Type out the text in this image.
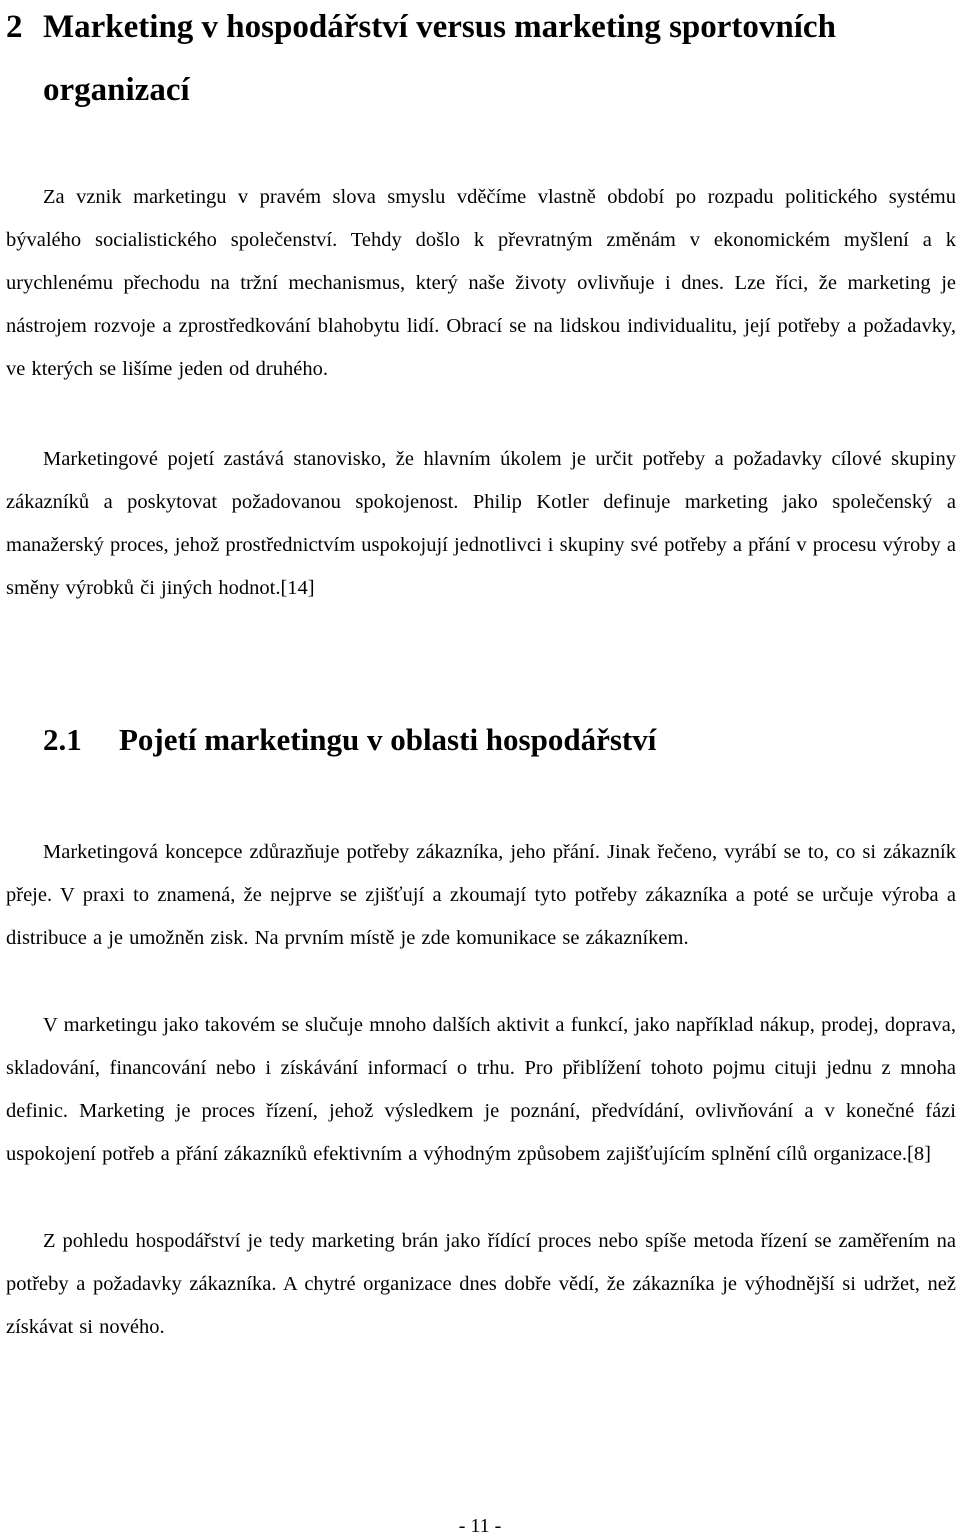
2 Marketing v hospodářství versus marketing sportovních
organizací

Za vznik marketingu v pravém slova smyslu vděčíme vlastně období po rozpadu politického systému bývalého socialistického společenství. Tehdy došlo k převratným změnám v ekonomickém myšlení a k urychlenému přechodu na tržní mechanismus, který naše životy ovlivňuje i dnes. Lze říci, že marketing je nástrojem rozvoje a zprostředkování blahobytu lidí. Obrací se na lidskou individualitu, její potřeby a požadavky, ve kterých se lišíme jeden od druhého.

Marketingové pojetí zastává stanovisko, že hlavním úkolem je určit potřeby a požadavky cílové skupiny zákazníků a poskytovat požadovanou spokojenost. Philip Kotler definuje marketing jako společenský a manažerský proces, jehož prostřednictvím uspokojují jednotlivci i skupiny své potřeby a přání v procesu výroby a směny výrobků či jiných hodnot.[14]

2.1 Pojetí marketingu v oblasti hospodářství

Marketingová koncepce zdůrazňuje potřeby zákazníka, jeho přání. Jinak řečeno, vyrábí se to, co si zákazník přeje. V praxi to znamená, že nejprve se zjišťují a zkoumají tyto potřeby zákazníka a poté se určuje výroba a distribuce a je umožněn zisk. Na prvním místě je zde komunikace se zákazníkem.

V marketingu jako takovém se slučuje mnoho dalších aktivit a funkcí, jako například nákup, prodej, doprava, skladování, financování nebo i získávání informací o trhu. Pro přiblížení tohoto pojmu cituji jednu z mnoha definic. Marketing je proces řízení, jehož výsledkem je poznání, předvídání, ovlivňování a v konečné fázi uspokojení potřeb a přání zákazníků efektivním a výhodným způsobem zajišťujícím splnění cílů organizace.[8]

Z pohledu hospodářství je tedy marketing brán jako řídící proces nebo spíše metoda řízení se zaměřením na potřeby a požadavky zákazníka. A chytré organizace dnes dobře vědí, že zákazníka je výhodnější si udržet, než získávat si nového.

- 11 -
